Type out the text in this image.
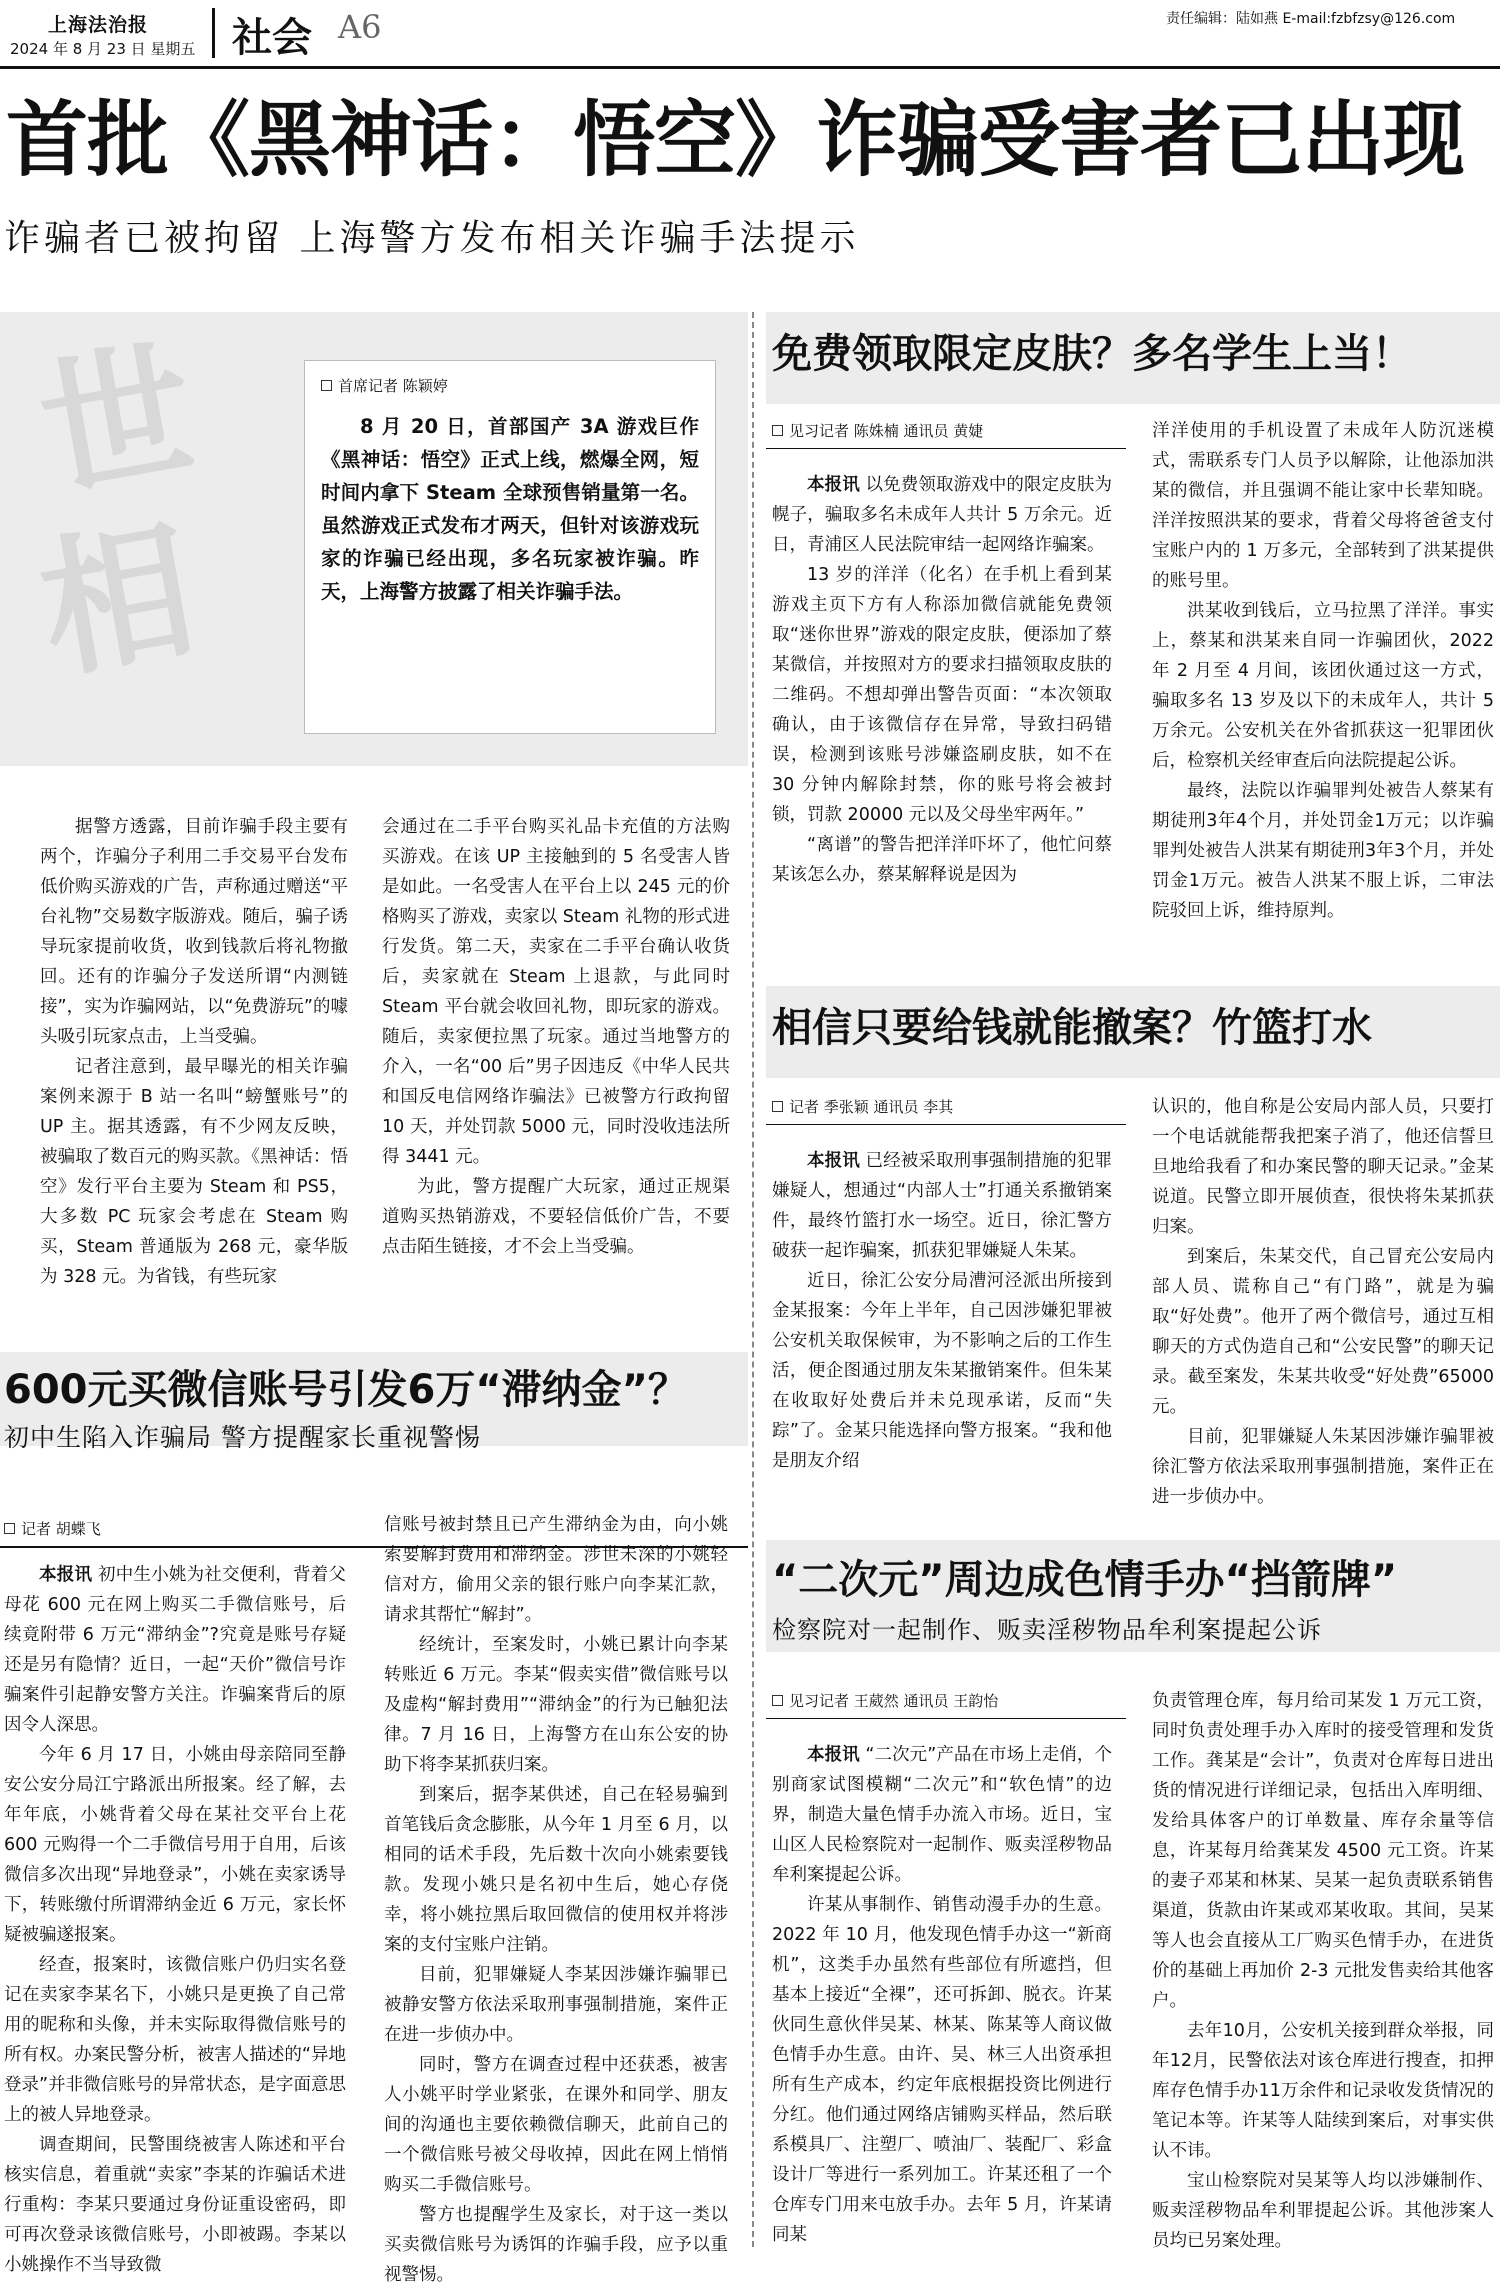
上海法治报
2024 年 8 月 23 日 星期五 社会 A6	责任编辑：陆如燕 E-mail:fzbfzsy@126.com
首批《黑神话：悟空》诈骗受害者已出现
诈骗者已被拘留 上海警方发布相关诈骗手法提示
世
相
首席记者 陈颖婷
8 月 20 日，首部国产 3A 游戏巨作《黑神话：悟空》正式上线，燃爆全网，短时间内拿下 Steam 全球预售销量第一名。虽然游戏正式发布才两天，但针对该游戏玩家的诈骗已经出现，多名玩家被诈骗。昨天，上海警方披露了相关诈骗手法。

据警方透露，目前诈骗手段主要有两个，诈骗分子利用二手交易平台发布低价购买游戏的广告，声称通过赠送“平台礼物”交易数字版游戏。随后，骗子诱导玩家提前收货，收到钱款后将礼物撤回。还有的诈骗分子发送所谓“内测链接”，实为诈骗网站，以“免费游玩”的噱头吸引玩家点击，上当受骗。

记者注意到，最早曝光的相关诈骗案例来源于 B 站一名叫“螃蟹账号”的 UP 主。据其透露，有不少网友反映，被骗取了数百元的购买款。《黑神话：悟空》发行平台主要为 Steam 和 PS5，大多数 PC 玩家会考虑在 Steam 购买，Steam 普通版为 268 元，豪华版为 328 元。为省钱，有些玩家

会通过在二手平台购买礼品卡充值的方法购买游戏。在该 UP 主接触到的 5 名受害人皆是如此。一名受害人在平台上以 245 元的价格购买了游戏，卖家以 Steam 礼物的形式进行发货。第二天，卖家在二手平台确认收货后，卖家就在 Steam 上退款，与此同时 Steam 平台就会收回礼物，即玩家的游戏。随后，卖家便拉黑了玩家。通过当地警方的介入，一名“00 后”男子因违反《中华人民共和国反电信网络诈骗法》已被警方行政拘留 10 天，并处罚款 5000 元，同时没收违法所得 3441 元。

为此，警方提醒广大玩家，通过正规渠道购买热销游戏，不要轻信低价广告，不要点击陌生链接，才不会上当受骗。

600元买微信账号引发6万“滞纳金”？
初中生陷入诈骗局 警方提醒家长重视警惕
记者 胡蝶飞

本报讯 初中生小姚为社交便利，背着父母花 600 元在网上购买二手微信账号，后续竟附带 6 万元“滞纳金”?究竟是账号存疑还是另有隐情？近日，一起“天价”微信号诈骗案件引起静安警方关注。诈骗案背后的原因令人深思。

今年 6 月 17 日，小姚由母亲陪同至静安公安分局江宁路派出所报案。经了解，去年年底，小姚背着父母在某社交平台上花 600 元购得一个二手微信号用于自用，后该微信多次出现“异地登录”，小姚在卖家诱导下，转账缴付所谓滞纳金近 6 万元，家长怀疑被骗遂报案。

经查，报案时，该微信账户仍归实名登记在卖家李某名下，小姚只是更换了自己常用的昵称和头像，并未实际取得微信账号的所有权。办案民警分析，被害人描述的“异地登录”并非微信账号的异常状态，是字面意思上的被人异地登录。

调查期间，民警围绕被害人陈述和平台核实信息，着重就“卖家”李某的诈骗话术进行重构：李某只要通过身份证重设密码，即可再次登录该微信账号，小即被踢。李某以小姚操作不当导致微

信账号被封禁且已产生滞纳金为由，向小姚索要解封费用和滞纳金。涉世未深的小姚轻信对方，偷用父亲的银行账户向李某汇款，请求其帮忙“解封”。

经统计，至案发时，小姚已累计向李某转账近 6 万元。李某“假卖实借”微信账号以及虚构“解封费用”“滞纳金”的行为已触犯法律。7 月 16 日，上海警方在山东公安的协助下将李某抓获归案。

到案后，据李某供述，自己在轻易骗到首笔钱后贪念膨胀，从今年 1 月至 6 月，以相同的话术手段，先后数十次向小姚索要钱款。发现小姚只是名初中生后，她心存侥幸，将小姚拉黑后取回微信的使用权并将涉案的支付宝账户注销。

目前，犯罪嫌疑人李某因涉嫌诈骗罪已被静安警方依法采取刑事强制措施，案件正在进一步侦办中。

同时，警方在调查过程中还获悉，被害人小姚平时学业紧张，在课外和同学、朋友间的沟通也主要依赖微信聊天，此前自己的一个微信账号被父母收掉，因此在网上悄悄购买二手微信账号。

警方也提醒学生及家长，对于这一类以买卖微信账号为诱饵的诈骗手段，应予以重视警惕。

免费领取限定皮肤？多名学生上当！
见习记者 陈姝楠 通讯员 黄婕

本报讯 以免费领取游戏中的限定皮肤为幌子，骗取多名未成年人共计 5 万余元。近日，青浦区人民法院审结一起网络诈骗案。

13 岁的洋洋（化名）在手机上看到某游戏主页下方有人称添加微信就能免费领取“迷你世界”游戏的限定皮肤，便添加了蔡某微信，并按照对方的要求扫描领取皮肤的二维码。不想却弹出警告页面：“本次领取确认，由于该微信存在异常，导致扫码错误，检测到该账号涉嫌盗刷皮肤，如不在 30 分钟内解除封禁，你的账号将会被封锁，罚款 20000 元以及父母坐牢两年。”

“离谱”的警告把洋洋吓坏了，他忙问蔡某该怎么办，蔡某解释说是因为

洋洋使用的手机设置了未成年人防沉迷模式，需联系专门人员予以解除，让他添加洪某的微信，并且强调不能让家中长辈知晓。洋洋按照洪某的要求，背着父母将爸爸支付宝账户内的 1 万多元，全部转到了洪某提供的账号里。

洪某收到钱后，立马拉黑了洋洋。事实上，蔡某和洪某来自同一诈骗团伙，2022 年 2 月至 4 月间，该团伙通过这一方式，骗取多名 13 岁及以下的未成年人，共计 5 万余元。公安机关在外省抓获这一犯罪团伙后，检察机关经审查后向法院提起公诉。

最终，法院以诈骗罪判处被告人蔡某有期徒刑3年4个月，并处罚金1万元；以诈骗罪判处被告人洪某有期徒刑3年3个月，并处罚金1万元。被告人洪某不服上诉，二审法院驳回上诉，维持原判。

相信只要给钱就能撤案？竹篮打水
记者 季张颖 通讯员 李其

本报讯 已经被采取刑事强制措施的犯罪嫌疑人，想通过“内部人士”打通关系撤销案件，最终竹篮打水一场空。近日，徐汇警方破获一起诈骗案，抓获犯罪嫌疑人朱某。

近日，徐汇公安分局漕河泾派出所接到金某报案：今年上半年，自己因涉嫌犯罪被公安机关取保候审，为不影响之后的工作生活，便企图通过朋友朱某撤销案件。但朱某在收取好处费后并未兑现承诺，反而“失踪”了。金某只能选择向警方报案。“我和他是朋友介绍

认识的，他自称是公安局内部人员，只要打一个电话就能帮我把案子消了，他还信誓旦旦地给我看了和办案民警的聊天记录。”金某说道。民警立即开展侦查，很快将朱某抓获归案。

到案后，朱某交代，自己冒充公安局内部人员、谎称自己“有门路”，就是为骗取“好处费”。他开了两个微信号，通过互相聊天的方式伪造自己和“公安民警”的聊天记录。截至案发，朱某共收受“好处费”65000 元。

目前，犯罪嫌疑人朱某因涉嫌诈骗罪被徐汇警方依法采取刑事强制措施，案件正在进一步侦办中。

“二次元”周边成色情手办“挡箭牌”
检察院对一起制作、贩卖淫秽物品牟利案提起公诉
见习记者 王葳然 通讯员 王韵怡

本报讯 “二次元”产品在市场上走俏，个别商家试图模糊“二次元”和“软色情”的边界，制造大量色情手办流入市场。近日，宝山区人民检察院对一起制作、贩卖淫秽物品牟利案提起公诉。

许某从事制作、销售动漫手办的生意。2022 年 10 月，他发现色情手办这一“新商机”，这类手办虽然有些部位有所遮挡，但基本上接近“全裸”，还可拆卸、脱衣。许某伙同生意伙伴吴某、林某、陈某等人商议做色情手办生意。由许、吴、林三人出资承担所有生产成本，约定年底根据投资比例进行分红。他们通过网络店铺购买样品，然后联系模具厂、注塑厂、喷油厂、装配厂、彩盒设计厂等进行一系列加工。许某还租了一个仓库专门用来屯放手办。去年 5 月，许某请同某

负责管理仓库，每月给司某发 1 万元工资，同时负责处理手办入库时的接受管理和发货工作。龚某是“会计”，负责对仓库每日进出货的情况进行详细记录，包括出入库明细、发给具体客户的订单数量、库存余量等信息，许某每月给龚某发 4500 元工资。许某的妻子邓某和林某、吴某一起负责联系销售渠道，货款由许某或邓某收取。其间，吴某等人也会直接从工厂购买色情手办，在进货价的基础上再加价 2-3 元批发售卖给其他客户。

去年10月，公安机关接到群众举报，同年12月，民警依法对该仓库进行搜查，扣押库存色情手办11万余件和记录收发货情况的笔记本等。许某等人陆续到案后，对事实供认不讳。

宝山检察院对吴某等人均以涉嫌制作、贩卖淫秽物品牟利罪提起公诉。其他涉案人员均已另案处理。
